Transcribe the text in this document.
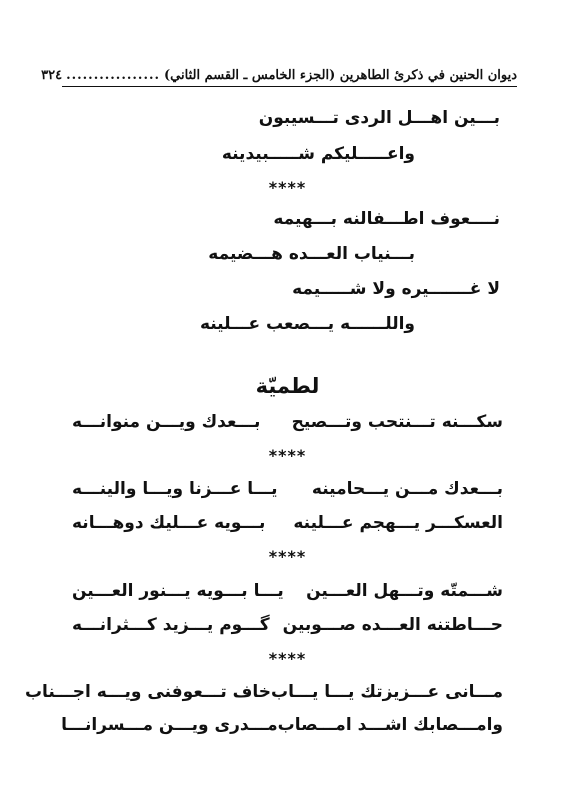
ديوان الحنين في ذكرئ الطاهرين (الجزء الخامس ـ القسم الثاني)
.................
٣٢٤
بـــين اهـــل الردى تـــسيبون
واعـــــليكم شـــــبيدينه
****
نــــعوف اطـــفالنه بـــهيمه
بـــنياب العـــده هـــضيمه
لا غـــــــيره ولا شـــــيمه
واللــــــه يـــصعب عـــلينه
لطميّة
سكـــنه تـــنتحب وتـــصيح
بـــعدك ويـــن منوانـــه
****
بـــعدك مـــن يـــحامينه
يـــا عـــزنا ويـــا والينـــه
العسكـــر يـــهجم عـــلينه
بـــويه عـــليك دوهـــانه
****
شـــمتّه وتـــهل العـــين
يـــا بـــويه يـــنور العـــين
حـــاطتنه العـــده صـــوبين
گـــوم يـــزيد كـــثرانـــه
****
مـــانى عـــزيزتك يـــا يـــاب
خاف تـــعوفنى ويـــه اجـــناب
وامـــصابك اشـــد امـــصاب
مـــدرى ويـــن مـــسرانـــا
